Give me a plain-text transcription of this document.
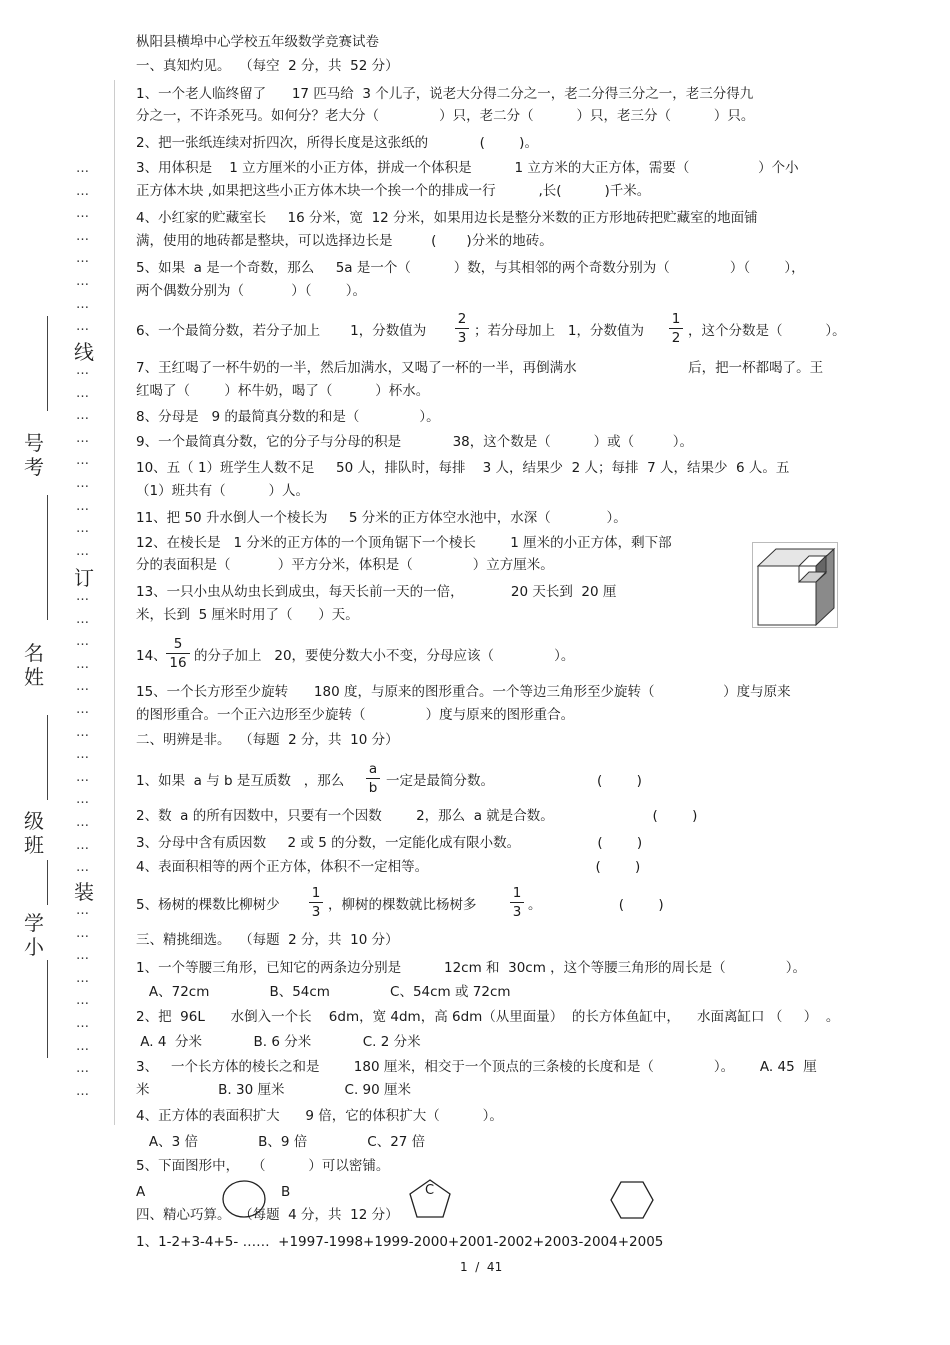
…
…
…
…
…
…
…
…
线
…
…
…
…
…
…
…
…
…
订
…
…
…
…
…
…
…
…
…
…
…
…
…
装
…
…
…
…
…
…
…
…
…
号
考
名
姓
级
班
学
小
枞阳县横埠中心学校五年级数学竞赛试卷
一、真知灼见。  （每空  2 分，共  52 分）
1、一个老人临终留了      17 匹马给  3 个儿子，说老大分得二分之一，老二分得三分之一，老三分得九
分之一，不许杀死马。如何分？老大分（              ）只，老二分（          ）只，老三分（          ）只。
2、把一张纸连续对折四次，所得长度是这张纸的            (        )。
3、用体积是    1 立方厘米的小正方体，拼成一个体积是          1 立方米的大正方体，需要（                ）个小
正方体木块 ,如果把这些小正方体木块一个挨一个的排成一行          ,长(          )千米。
4、小红家的贮藏室长     16 分米，宽  12 分米，如果用边长是整分米数的正方形地砖把贮藏室的地面铺
满，使用的地砖都是整块，可以选择边长是         (       )分米的地砖。
5、如果  a 是一个奇数，那么     5a 是一个（          ）数，与其相邻的两个奇数分别为（              ）（        ），
两个偶数分别为（           ）（        ）。
6、一个最简分数，若分子加上       1，分数值为
2
3 ；若分母加上   1，分数值为
1
2 ，这个分数是（          ）。
7、王红喝了一杯牛奶的一半，然后加满水，又喝了一杯的一半，再倒满水                          后，把一杯都喝了。王
红喝了（        ）杯牛奶，喝了（          ）杯水。
8、分母是   9 的最简真分数的和是（              ）。
9、一个最简真分数，它的分子与分母的积是            38，这个数是（          ）或（         ）。
10、五（ 1）班学生人数不足     50 人，排队时，每排    3 人，结果少  2 人；每排  7 人，结果少  6 人。五
（1）班共有（          ）人。
11、把 50 升水倒人一个棱长为     5 分米的正方体空水池中，水深（             ）。
12、在棱长是   1 分米的正方体的一个顶角锯下一个棱长        1 厘米的小正方体，剩下部
分的表面积是（           ）平方分米，体积是（              ）立方厘米。
13、一只小虫从幼虫长到成虫，每天长前一天的一倍，           20 天长到  20 厘
米，长到  5 厘米时用了（      ）天。
14、
5
16 的分子加上   20，要使分数大小不变，分母应该（              ）。
15、一个长方形至少旋转      180 度，与原来的图形重合。一个等边三角形至少旋转（                ）度与原来
的图形重合。一个正六边形至少旋转（              ）度与原来的图形重合。
二、明辨是非。  （每题  2 分，共  10 分）
1、如果  a 与 b 是互质数   ，那么
a
b 一定是最简分数。                        (        )
2、数  a 的所有因数中，只要有一个因数        2，那么  a 就是合数。                       (        )
3、分母中含有质因数     2 或 5 的分数，一定能化成有限小数。                  (        )
4、表面积相等的两个正方体，体积不一定相等。                                       (        )
5、杨树的棵数比柳树少
1
3 ，柳树的棵数就比杨树多
1
3 。                  (        )
三、精挑细选。  （每题  2 分，共  10 分）
1、一个等腰三角形，已知它的两条边分别是          12cm 和  30cm ，这个等腰三角形的周长是（              ）。
A、72cm              B、54cm              C、54cm 或 72cm
2、把  96L      水倒入一个长    6dm，宽 4dm，高 6dm（从里面量）  的长方体鱼缸中，    水面离缸口 （     ）  。
A. 4  分米            B. 6 分米            C. 2 分米
3、   一个长方体的棱长之和是        180 厘米，相交于一个顶点的三条棱的长度和是（              ）。      A. 45  厘
米                B. 30 厘米              C. 90 厘米
4、正方体的表面积扩大      9 倍，它的体积扩大（          ）。
A、3 倍              B、9 倍              C、27 倍
5、下面图形中，   （          ）可以密铺。
A	B	C
四、精心巧算。  （每题  4 分，共  12 分）
1、1-2+3-4+5- ……  +1997-1998+1999-2000+2001-2002+2003-2004+2005
1  /  41
